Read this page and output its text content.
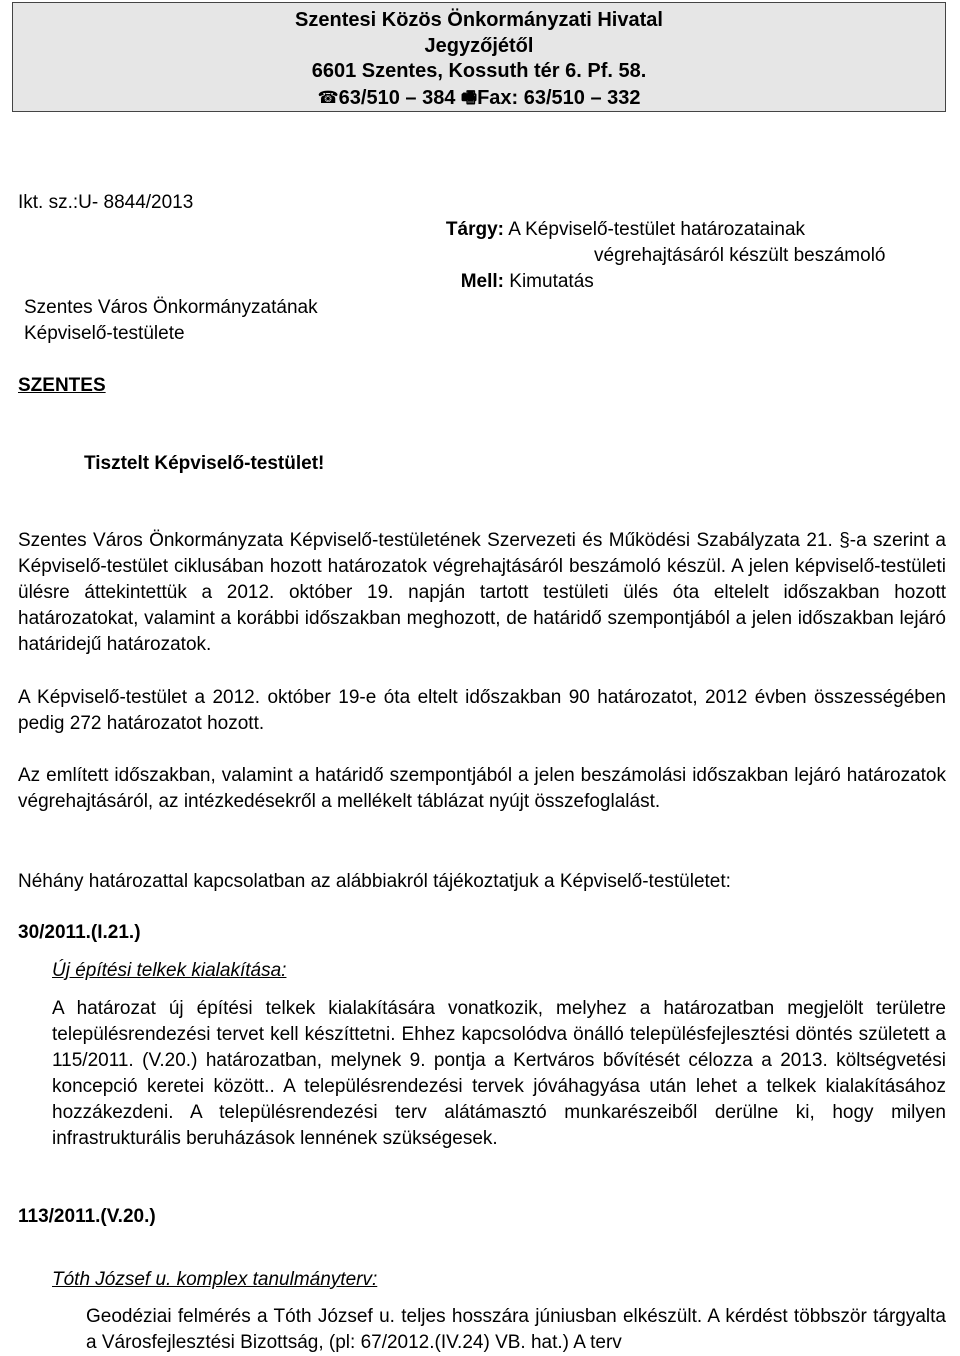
Szentesi Közös Önkormányzati Hivatal
Jegyzőjétől
6601 Szentes, Kossuth tér 6. Pf. 58.
☎63/510 – 384 🖷Fax: 63/510 – 332
Ikt. sz.:U- 8844/2013
Szentes Város Önkormányzatának
Képviselő-testülete
SZENTES
Tárgy: A Képviselő-testület határozatainak
végrehajtásáról készült beszámoló
Mell: Kimutatás
Tisztelt Képviselő-testület!

Szentes Város Önkormányzata Képviselő-testületének Szervezeti és Működési Szabályzata 21. §-a szerint a Képviselő-testület ciklusában hozott határozatok végrehajtásáról beszámoló készül. A jelen képviselő-testületi ülésre áttekintettük a 2012. október 19. napján tartott testületi ülés óta eltelelt időszakban hozott határozatokat, valamint a korábbi időszakban meghozott, de határidő szempontjából a jelen időszakban lejáró határidejű határozatok.

A Képviselő-testület a 2012. október 19-e óta eltelt időszakban 90 határozatot, 2012 évben összességében pedig 272 határozatot hozott.

Az említett időszakban, valamint a határidő szempontjából a jelen beszámolási időszakban lejáró határozatok végrehajtásáról, az intézkedésekről a mellékelt táblázat nyújt összefoglalást.

Néhány határozattal kapcsolatban az alábbiakról tájékoztatjuk a Képviselő-testületet:

30/2011.(I.21.)
Új építési telkek kialakítása:

A határozat új építési telkek kialakítására vonatkozik, melyhez a határozatban megjelölt területre településrendezési tervet kell készíttetni. Ehhez kapcsolódva önálló településfejlesztési döntés született a 115/2011. (V.20.) határozatban, melynek 9. pontja a Kertváros bővítését célozza a 2013. költségvetési koncepció keretei között.. A településrendezési tervek jóváhagyása után lehet a telkek kialakításához hozzákezdeni. A településrendezési terv alátámasztó munkarészeiből derülne ki, hogy milyen infrastrukturális beruházások lennének szükségesek.

113/2011.(V.20.)
Tóth József u. komplex tanulmányterv:

Geodéziai felmérés a Tóth József u. teljes hosszára júniusban elkészült. A kérdést többször tárgyalta a Városfejlesztési Bizottság, (pl: 67/2012.(IV.24) VB. hat.) A terv
